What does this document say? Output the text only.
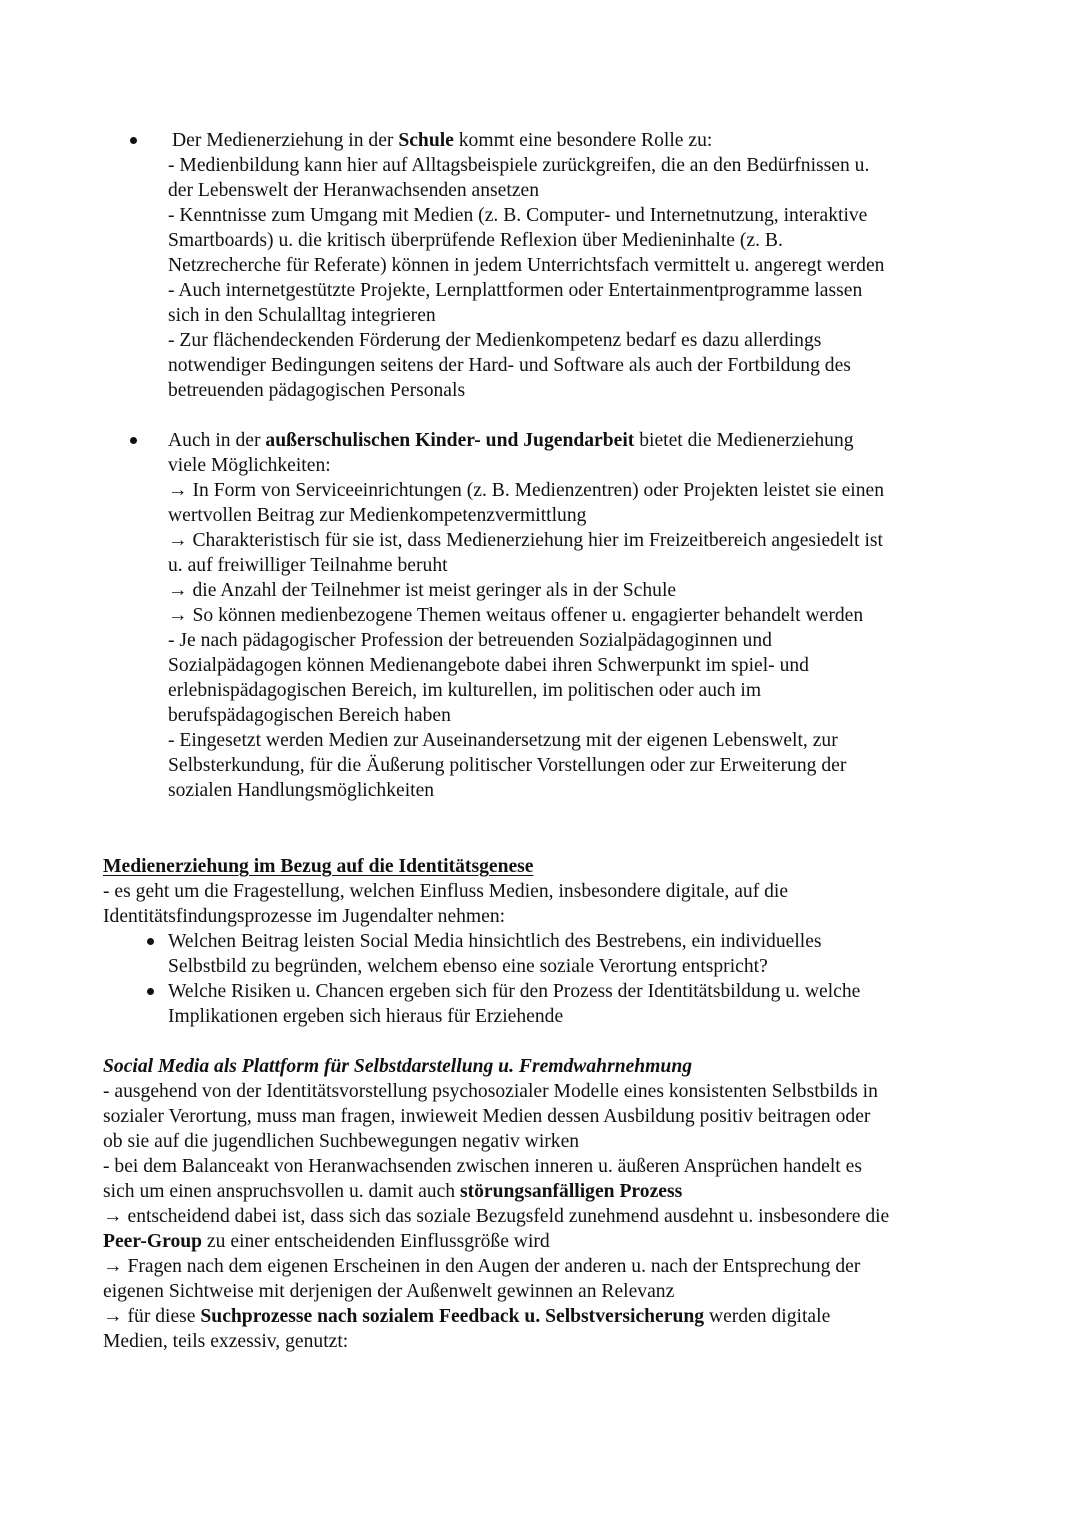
Der Medienerziehung in der Schule kommt eine besondere Rolle zu:
- Medienbildung kann hier auf Alltagsbeispiele zurückgreifen, die an den Bedürfnissen u.
der Lebenswelt der Heranwachsenden ansetzen
- Kenntnisse zum Umgang mit Medien (z. B. Computer- und Internetnutzung, interaktive
Smartboards) u. die kritisch überprüfende Reflexion über Medieninhalte (z. B.
Netzrecherche für Referate) können in jedem Unterrichtsfach vermittelt u. angeregt werden
- Auch internetgestützte Projekte, Lernplattformen oder Entertainmentprogramme lassen
sich in den Schulalltag integrieren
- Zur flächendeckenden Förderung der Medienkompetenz bedarf es dazu allerdings
notwendiger Bedingungen seitens der Hard- und Software als auch der Fortbildung des
betreuenden pädagogischen Personals
Auch in der außerschulischen Kinder- und Jugendarbeit bietet die Medienerziehung
viele Möglichkeiten:
→ In Form von Serviceeinrichtungen (z. B. Medienzentren) oder Projekten leistet sie einen
wertvollen Beitrag zur Medienkompetenzvermittlung
→ Charakteristisch für sie ist, dass Medienerziehung hier im Freizeitbereich angesiedelt ist
u. auf freiwilliger Teilnahme beruht
→ die Anzahl der Teilnehmer ist meist geringer als in der Schule
→ So können medienbezogene Themen weitaus offener u. engagierter behandelt werden
- Je nach pädagogischer Profession der betreuenden Sozialpädagoginnen und
Sozialpädagogen können Medienangebote dabei ihren Schwerpunkt im spiel- und
erlebnispädagogischen Bereich, im kulturellen, im politischen oder auch im
berufspädagogischen Bereich haben
- Eingesetzt werden Medien zur Auseinandersetzung mit der eigenen Lebenswelt, zur
Selbsterkundung, für die Äußerung politischer Vorstellungen oder zur Erweiterung der
sozialen Handlungsmöglichkeiten
Medienerziehung im Bezug auf die Identitätsgenese
- es geht um die Fragestellung, welchen Einfluss Medien, insbesondere digitale, auf die
Identitätsfindungsprozesse im Jugendalter nehmen:
Welchen Beitrag leisten Social Media hinsichtlich des Bestrebens, ein individuelles
Selbstbild zu begründen, welchem ebenso eine soziale Verortung entspricht?
Welche Risiken u. Chancen ergeben sich für den Prozess der Identitätsbildung u. welche
Implikationen ergeben sich hieraus für Erziehende
Social Media als Plattform für Selbstdarstellung u. Fremdwahrnehmung
- ausgehend von der Identitätsvorstellung psychosozialer Modelle eines konsistenten Selbstbilds in
sozialer Verortung, muss man fragen, inwieweit Medien dessen Ausbildung positiv beitragen oder
ob sie auf die jugendlichen Suchbewegungen negativ wirken
- bei dem Balanceakt von Heranwachsenden zwischen inneren u. äußeren Ansprüchen handelt es
sich um einen anspruchsvollen u. damit auch störungsanfälligen Prozess
→ entscheidend dabei ist, dass sich das soziale Bezugsfeld zunehmend ausdehnt u. insbesondere die
Peer-Group zu einer entscheidenden Einflussgröße wird
→ Fragen nach dem eigenen Erscheinen in den Augen der anderen u. nach der Entsprechung der
eigenen Sichtweise mit derjenigen der Außenwelt gewinnen an Relevanz
→ für diese Suchprozesse nach sozialem Feedback u. Selbstversicherung werden digitale
Medien, teils exzessiv, genutzt:
